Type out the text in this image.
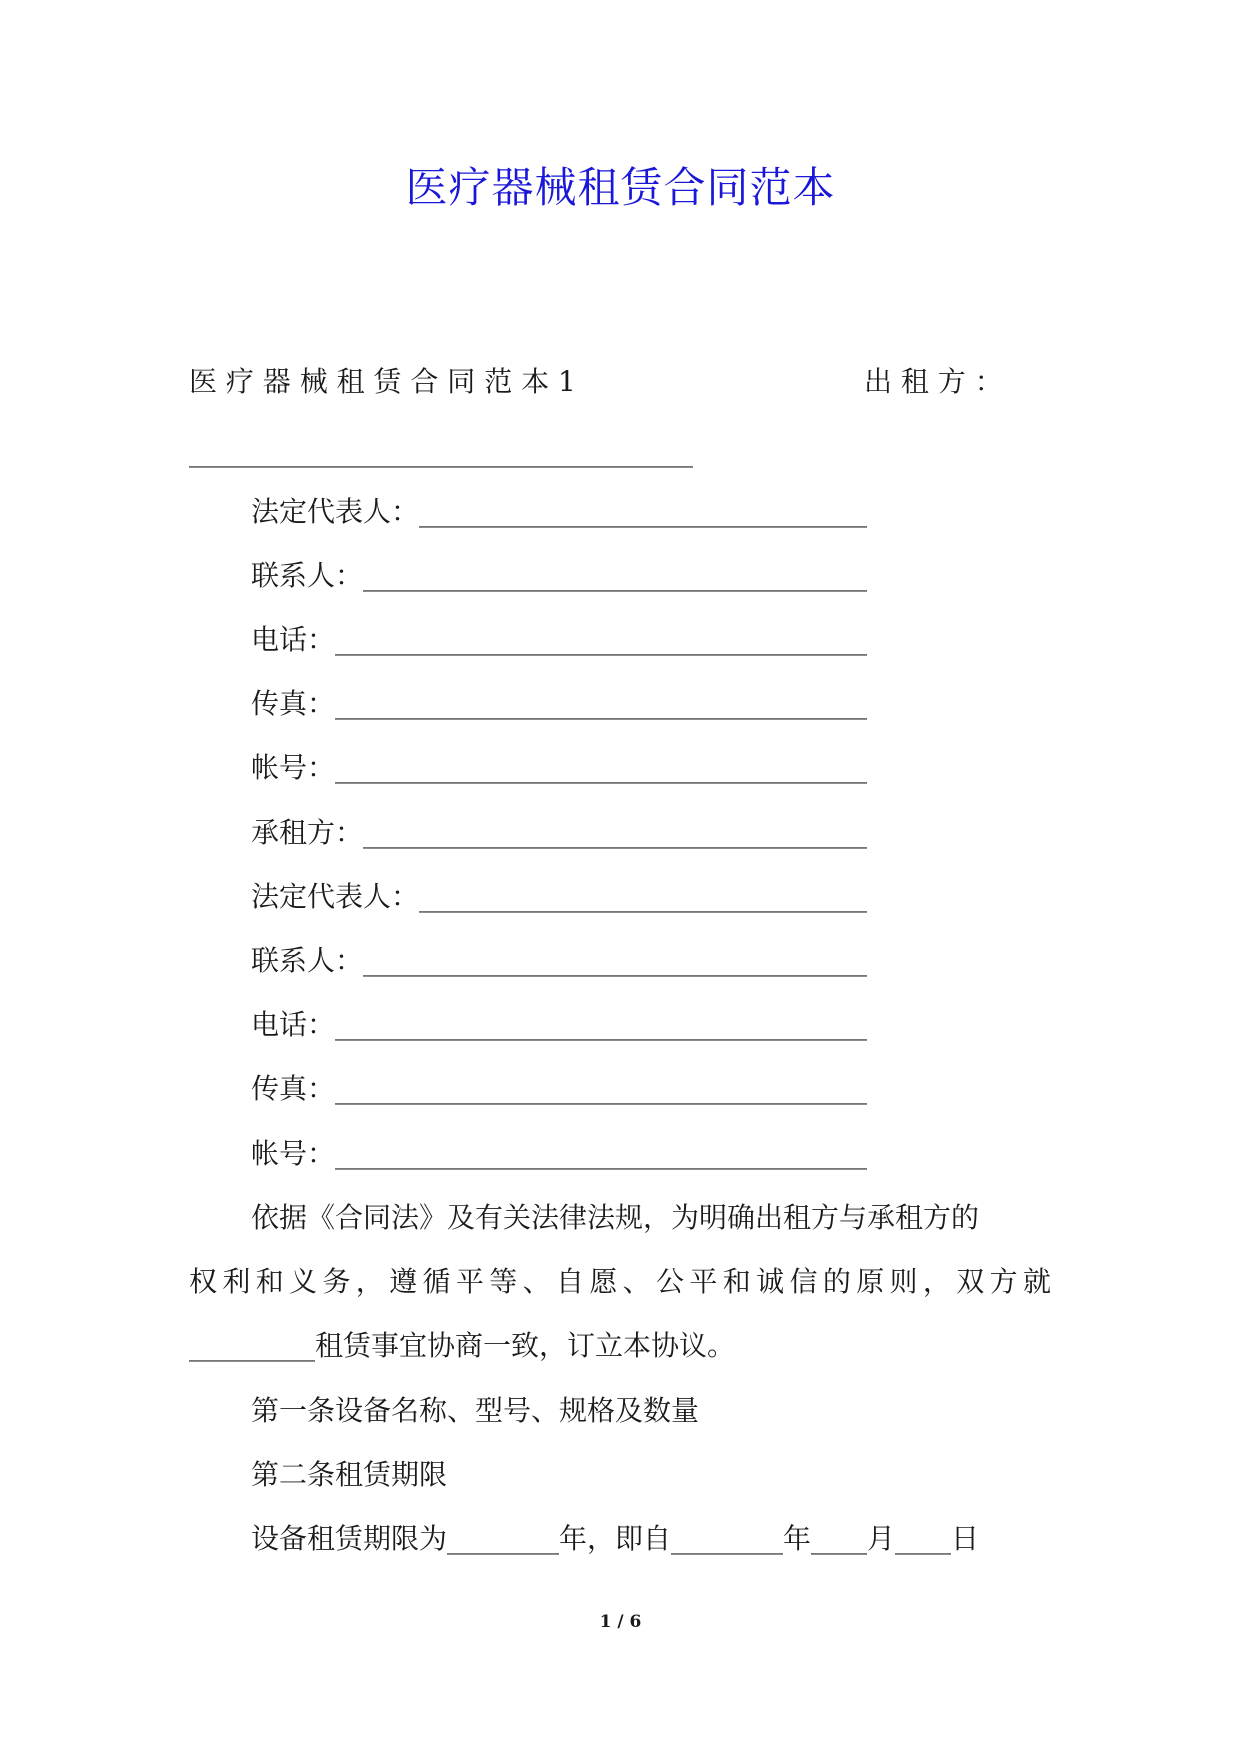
医疗器械租赁合同范本
医 疗 器 械 租 赁 合 同 范 本 1	出 租 方 ：
____________________________________
法定代表人：________________________________
联系人：____________________________________
电话：______________________________________
传真：______________________________________
帐号：______________________________________
承租方：____________________________________
法定代表人：________________________________
联系人：____________________________________
电话：______________________________________
传真：______________________________________
帐号：______________________________________
依据《合同法》及有关法律法规，为明确出租方与承租方的
权利和义务，遵循平等、自愿、公平和诚信的原则，双方就
_________租赁事宜协商一致，订立本协议。
第一条设备名称、型号、规格及数量
第二条租赁期限
设备租赁期限为________年，即自________年____月____日
1 / 6
